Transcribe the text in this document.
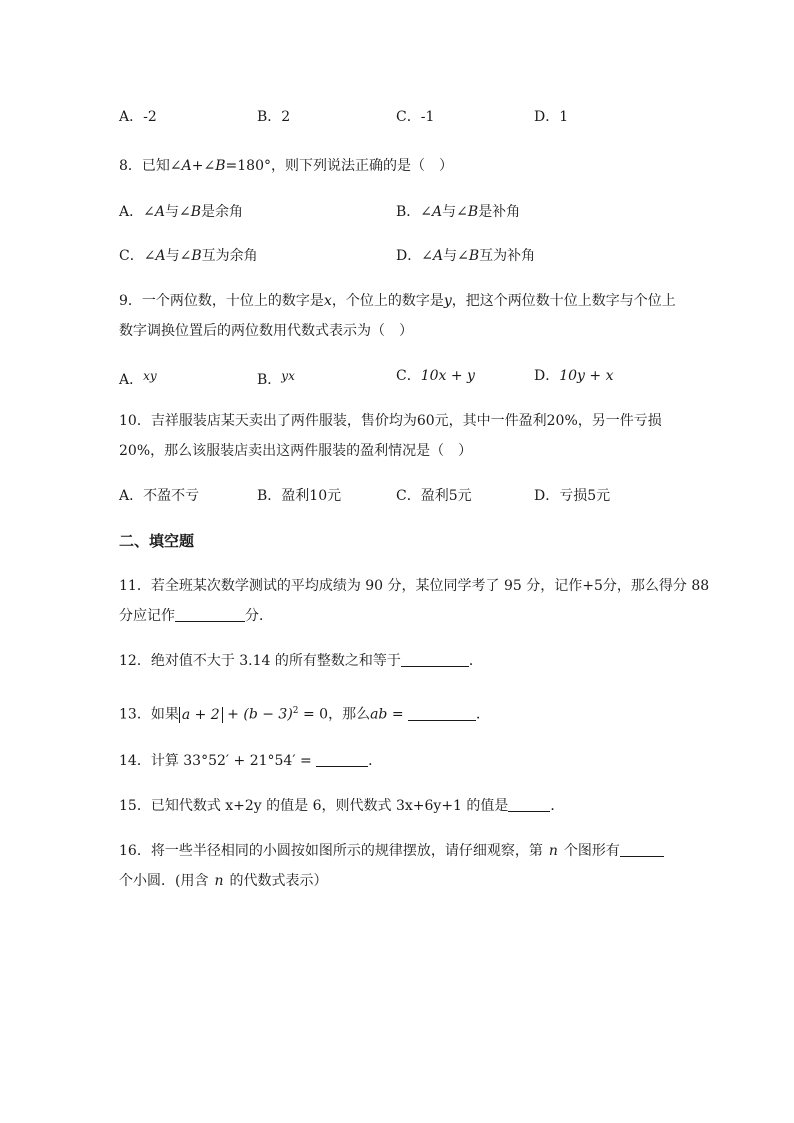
A．-2	B．2	C．-1	D．1
8．已知∠A+∠B=180°，则下列说法正确的是（　）
A．∠A与∠B是余角	B．∠A与∠B是补角
C．∠A与∠B互为余角	D．∠A与∠B互为补角
9．一个两位数，十位上的数字是x，个位上的数字是y，把这个两位数十位上数字与个位上
数字调换位置后的两位数用代数式表示为（　）
A．xy	B．yx	C．10x + y	D．10y + x
10．吉祥服装店某天卖出了两件服装，售价均为60元，其中一件盈利20%，另一件亏损
20%，那么该服装店卖出这两件服装的盈利情况是（　）
A．不盈不亏	B．盈利10元	C．盈利5元	D．亏损5元
二、填空题
11．若全班某次数学测试的平均成绩为 90 分，某位同学考了 95 分，记作+5分，那么得分 88
分应记作	分．
12．绝对值不大于 3.14 的所有整数之和等于	．
13．如果 $a + 2 + (b - 3)^2 = 0$，那么ab =	．
14．计算 33°52′ + 21°54′ =	．
15．已知代数式 x+2y 的值是 6，则代数式 3x+6y+1 的值是	．
16．将一些半径相同的小圆按如图所示的规律摆放，请仔细观察，第 n 个图形有
个小圆．(用含 n 的代数式表示）
